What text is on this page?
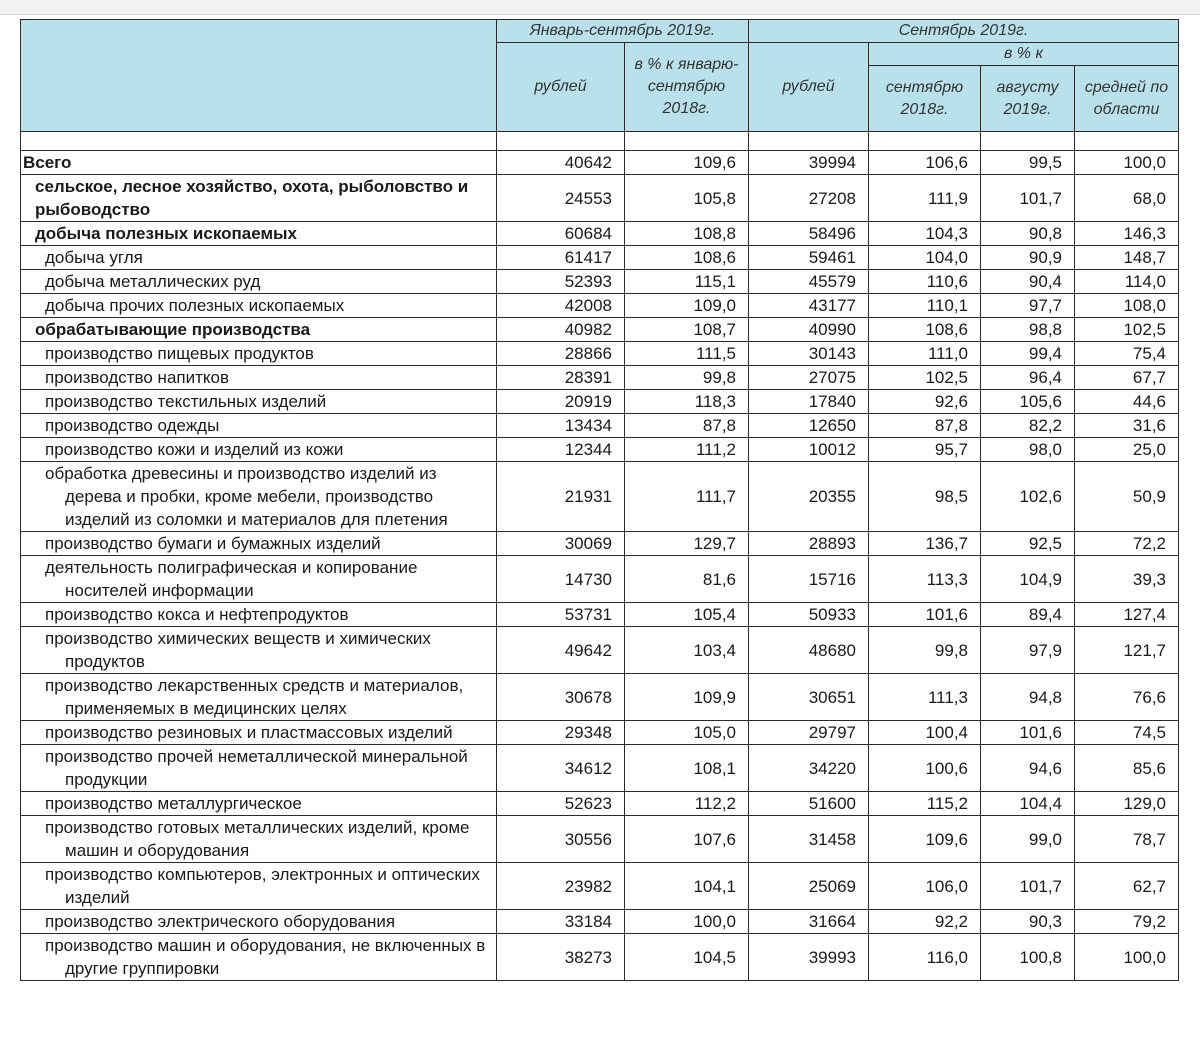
	Январь-сентябрь 2019г.		Сентябрь 2019г.			
	рублей	в % к январю-сентябрю 2018г.	рублей	в % к		
				сентябрю 2018г.	августу 2019г.	средней по области

Всего	40642	109,6	39994	106,6	99,5	100,0

сельское, лесное хозяйство, охота, рыболовство и рыбоводство	24553	105,8	27208	111,9	101,7	68,0

добыча полезных ископаемых	60684	108,8	58496	104,3	90,8	146,3

добыча угля	61417	108,6	59461	104,0	90,9	148,7

добыча металлических руд	52393	115,1	45579	110,6	90,4	114,0

добыча прочих полезных ископаемых	42008	109,0	43177	110,1	97,7	108,0

обрабатывающие производства	40982	108,7	40990	108,6	98,8	102,5

производство пищевых продуктов	28866	111,5	30143	111,0	99,4	75,4

производство напитков	28391	99,8	27075	102,5	96,4	67,7

производство текстильных изделий	20919	118,3	17840	92,6	105,6	44,6

производство одежды	13434	87,8	12650	87,8	82,2	31,6

производство кожи и изделий из кожи	12344	111,2	10012	95,7	98,0	25,0

обработка древесины и производство изделий из дерева и пробки, кроме мебели, производство изделий из соломки и материалов для плетения	21931	111,7	20355	98,5	102,6	50,9

производство бумаги и бумажных изделий	30069	129,7	28893	136,7	92,5	72,2

деятельность полиграфическая и копирование носителей информации	14730	81,6	15716	113,3	104,9	39,3

производство кокса и нефтепродуктов	53731	105,4	50933	101,6	89,4	127,4

производство химических веществ и химических продуктов	49642	103,4	48680	99,8	97,9	121,7

производство лекарственных средств и материалов, применяемых в медицинских целях	30678	109,9	30651	111,3	94,8	76,6

производство резиновых и пластмассовых изделий	29348	105,0	29797	100,4	101,6	74,5

производство прочей неметаллической минеральной продукции	34612	108,1	34220	100,6	94,6	85,6

производство металлургическое	52623	112,2	51600	115,2	104,4	129,0

производство готовых металлических изделий, кроме машин и оборудования	30556	107,6	31458	109,6	99,0	78,7

производство компьютеров, электронных и оптических изделий	23982	104,1	25069	106,0	101,7	62,7

производство электрического оборудования	33184	100,0	31664	92,2	90,3	79,2

производство машин и оборудования, не включенных в другие группировки	38273	104,5	39993	116,0	100,8	100,0
